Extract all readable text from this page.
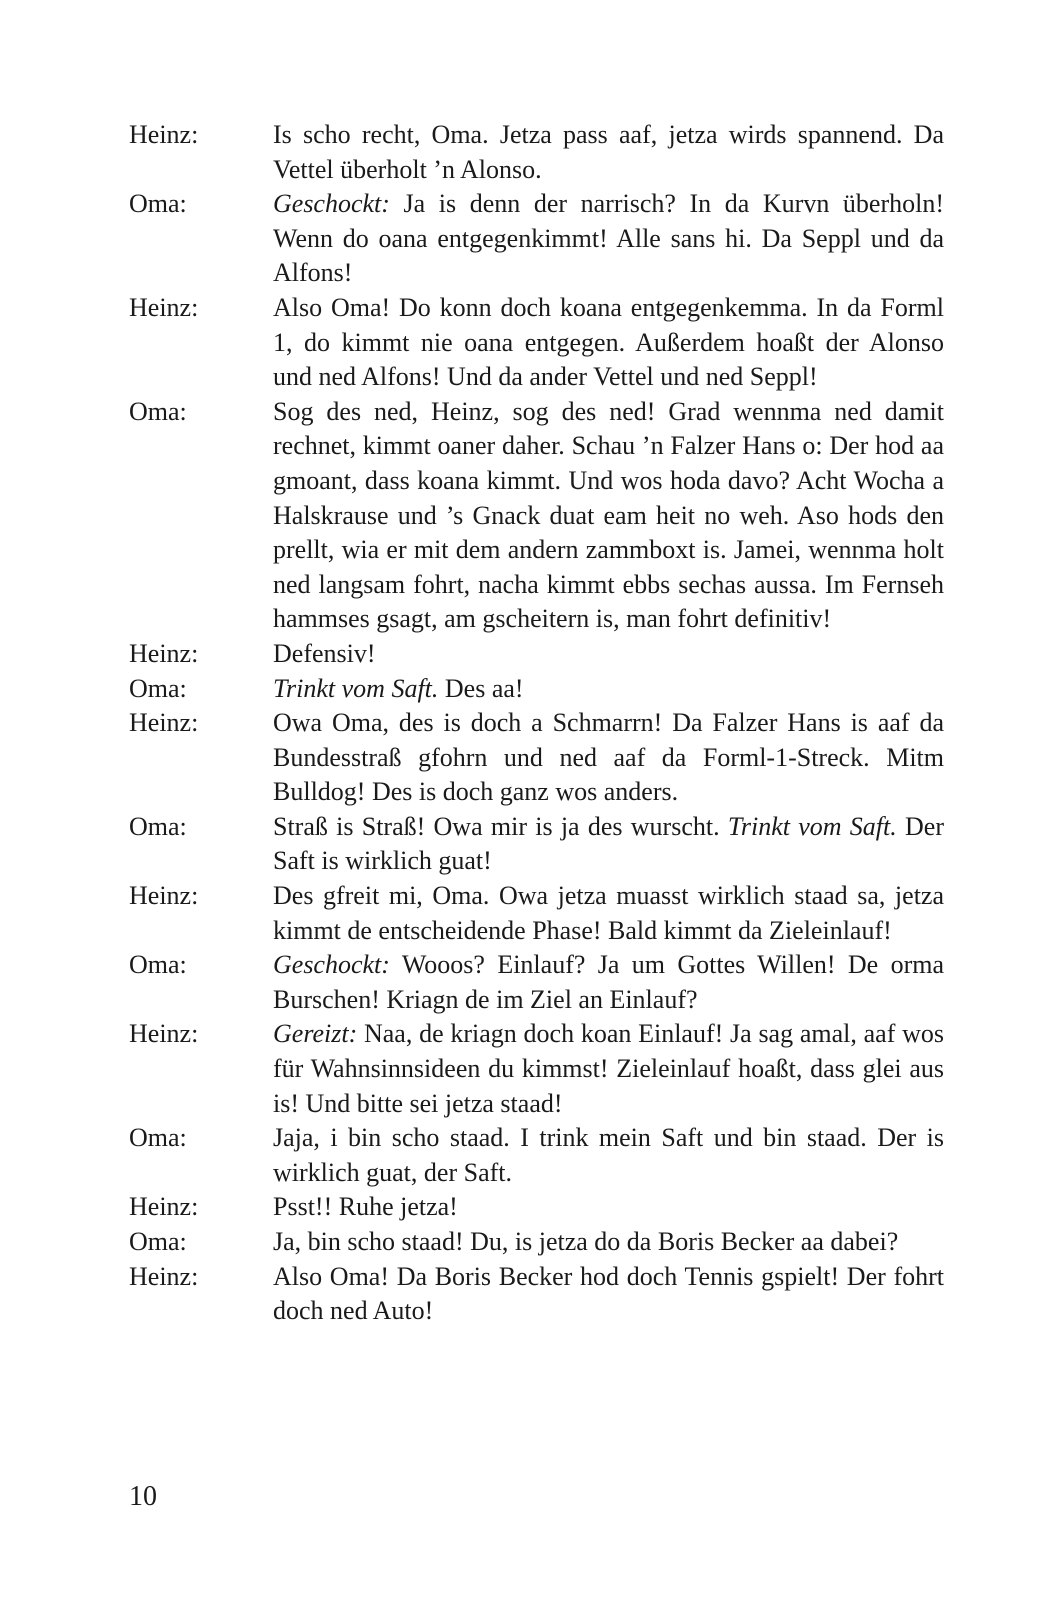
Heinz:	Is scho recht, Oma. Jetza pass aaf, jetza wirds spannend. Da Vettel überholt ’n Alonso.
Oma:	Geschockt: Ja is denn der narrisch? In da Kurvn überholn! Wenn do oana entgegenkimmt! Alle sans hi. Da Seppl und da Alfons!
Heinz:	Also Oma! Do konn doch koana entgegenkemma. In da Forml 1, do kimmt nie oana entgegen. Außerdem hoaßt der Alonso und ned Alfons! Und da ander Vettel und ned Seppl!
Oma:	Sog des ned, Heinz, sog des ned! Grad wennma ned damit rechnet, kimmt oaner daher. Schau ’n Falzer Hans o: Der hod aa gmoant, dass koana kimmt. Und wos hoda davo? Acht Wocha a Halskrause und ’s Gnack duat eam heit no weh. Aso hods den prellt, wia er mit dem andern zammboxt is. Jamei, wennma holt ned langsam fohrt, nacha kimmt ebbs sechas aussa. Im Fernseh hammses gsagt, am gscheitern is, man fohrt definitiv!
Heinz:	Defensiv!
Oma:	Trinkt vom Saft. Des aa!
Heinz:	Owa Oma, des is doch a Schmarrn! Da Falzer Hans is aaf da Bundesstraß gfohrn und ned aaf da Forml-1-Streck. Mitm Bulldog! Des is doch ganz wos anders.
Oma:	Straß is Straß! Owa mir is ja des wurscht. Trinkt vom Saft. Der Saft is wirklich guat!
Heinz:	Des gfreit mi, Oma. Owa jetza muasst wirklich staad sa, jetza kimmt de entscheidende Phase! Bald kimmt da Zieleinlauf!
Oma:	Geschockt: Wooos? Einlauf? Ja um Gottes Willen! De orma Burschen! Kriagn de im Ziel an Einlauf?
Heinz:	Gereizt: Naa, de kriagn doch koan Einlauf! Ja sag amal, aaf wos für Wahnsinnsideen du kimmst! Zieleinlauf hoaßt, dass glei aus is! Und bitte sei jetza staad!
Oma:	Jaja, i bin scho staad. I trink mein Saft und bin staad. Der is wirklich guat, der Saft.
Heinz:	Psst!! Ruhe jetza!
Oma:	Ja, bin scho staad! Du, is jetza do da Boris Becker aa dabei?
Heinz:	Also Oma! Da Boris Becker hod doch Tennis gspielt! Der fohrt doch ned Auto!
10
